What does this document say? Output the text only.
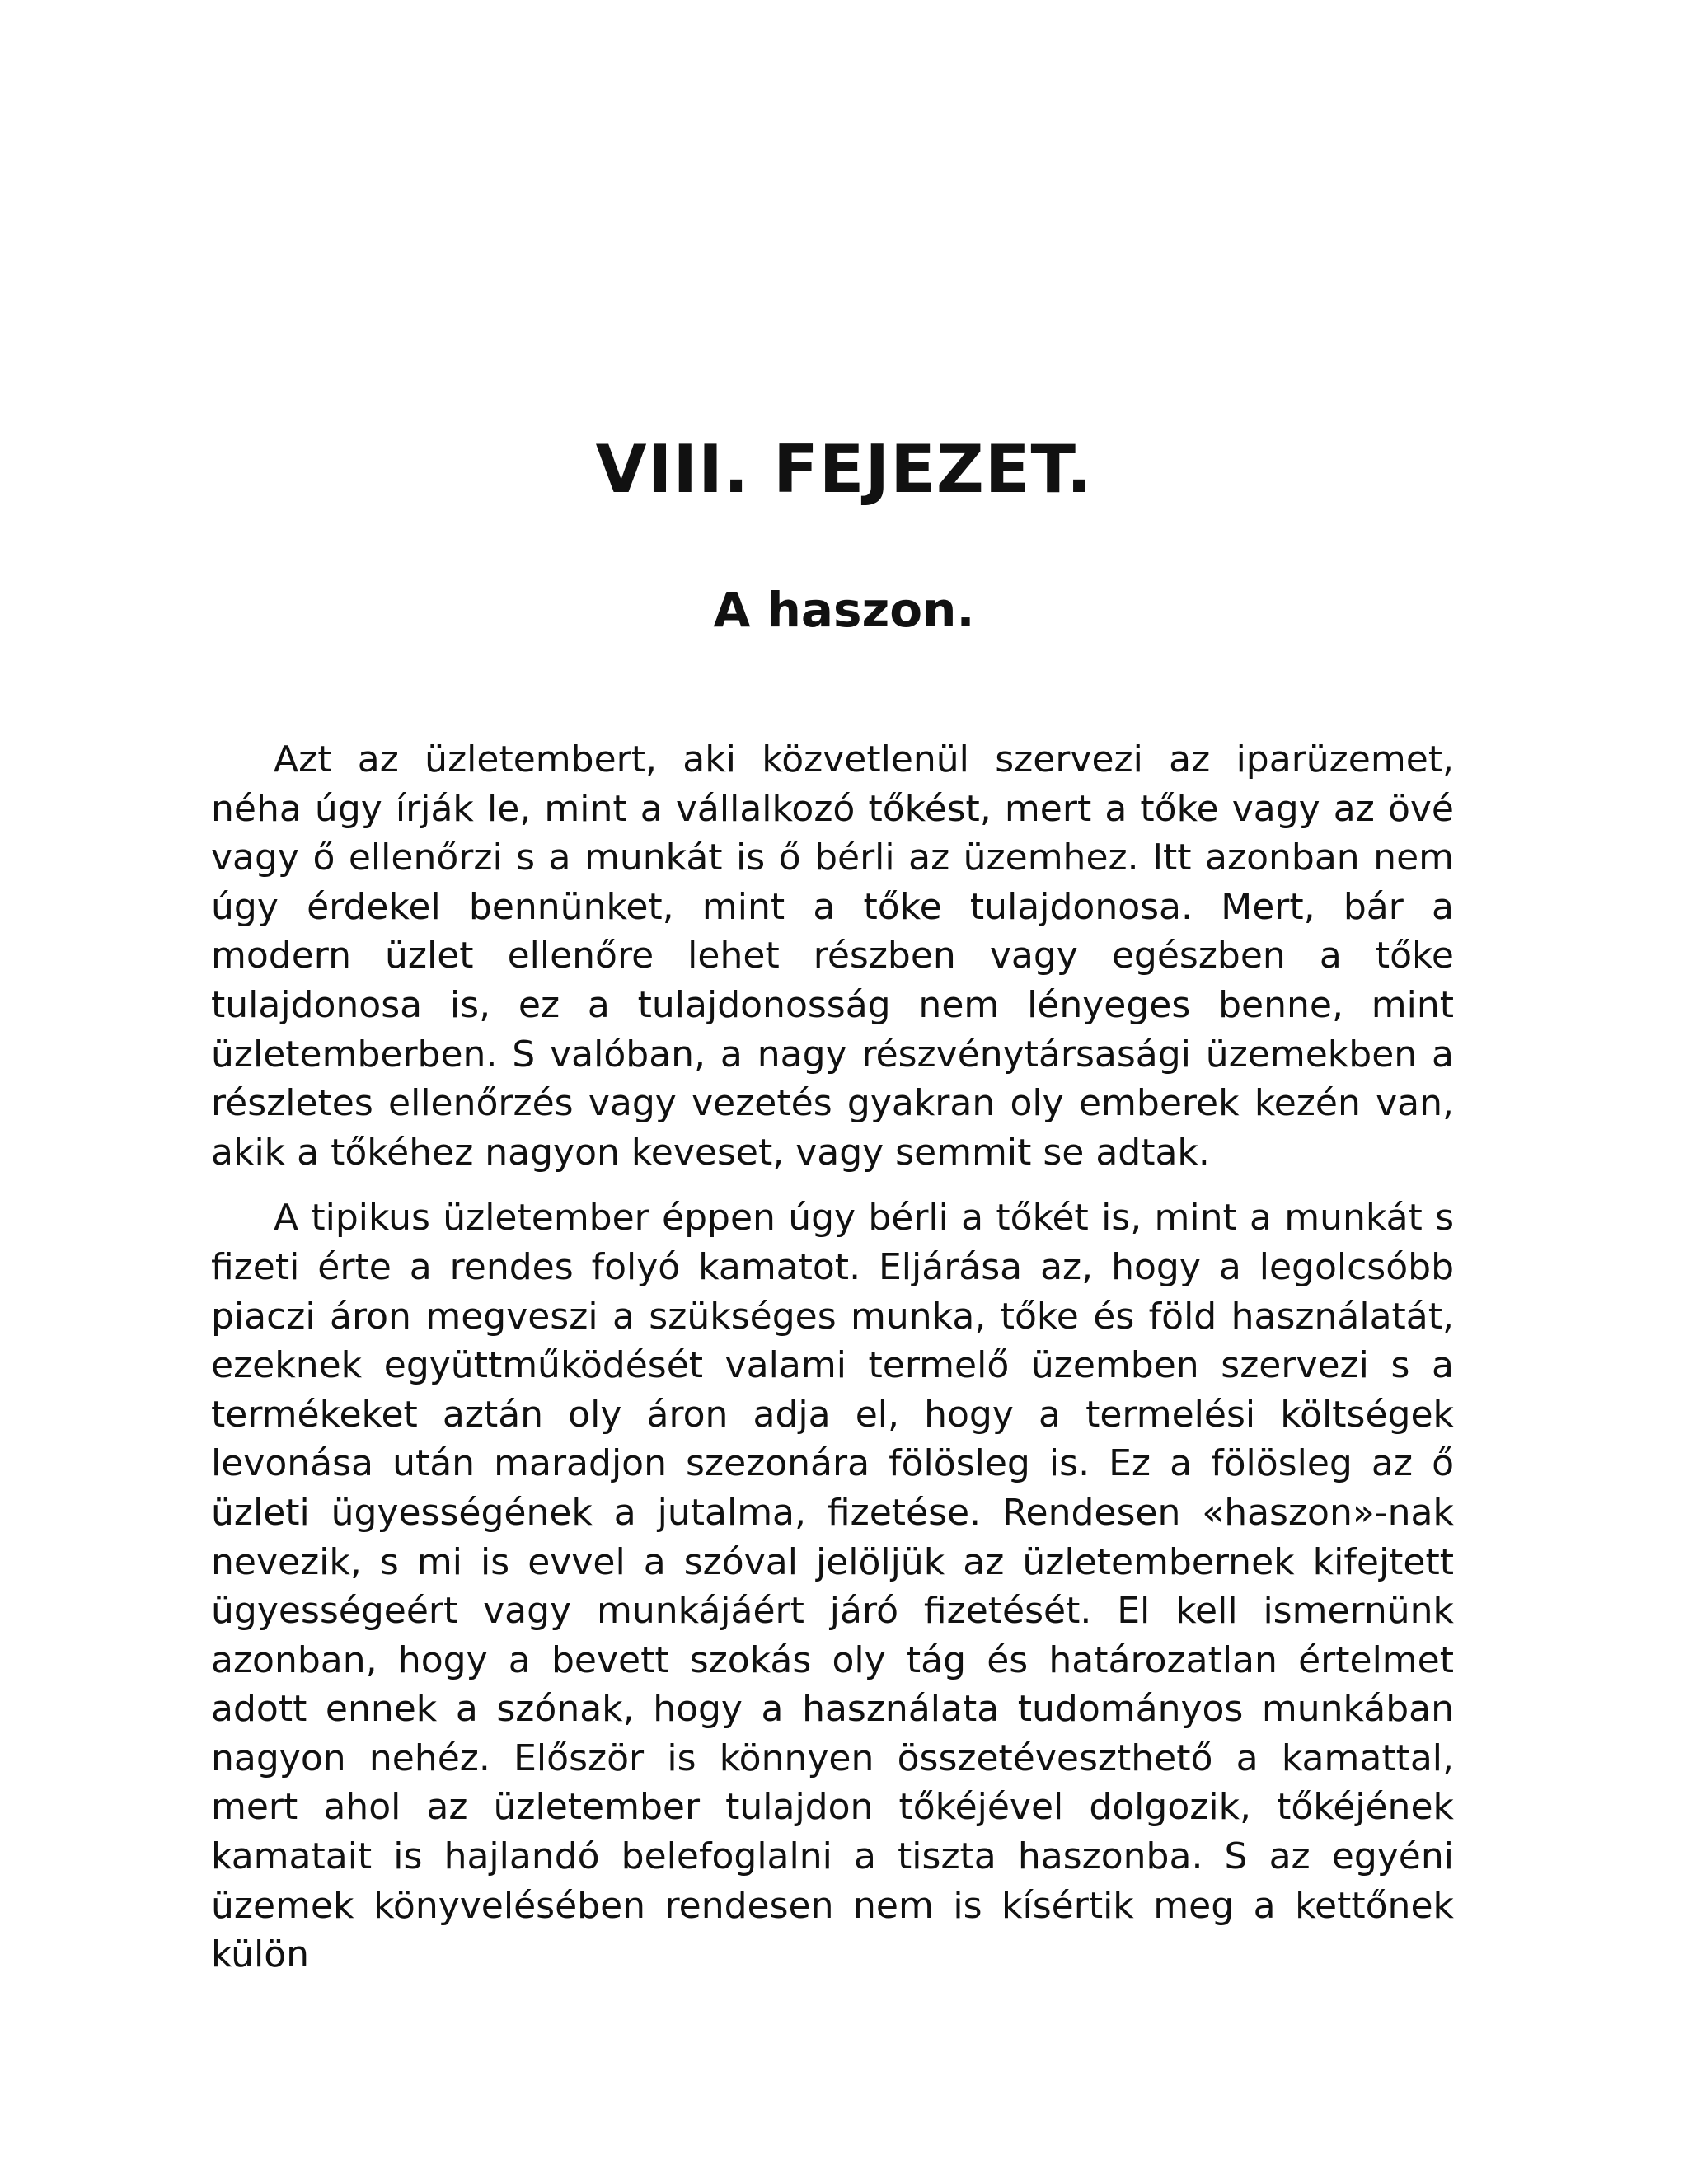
VIII. FEJEZET.
A haszon.

Azt az üzletembert, aki közvetlenül szervezi az iparüzemet, néha úgy írják le, mint a vállalkozó tőkést, mert a tőke vagy az övé vagy ő ellenőrzi s a munkát is ő bérli az üzemhez. Itt azonban nem úgy érdekel bennünket, mint a tőke tulajdonosa. Mert, bár a modern üzlet ellenőre lehet részben vagy egészben a tőke tulajdonosa is, ez a tulajdonosság nem lényeges benne, mint üzletemberben. S valóban, a nagy részvénytársasági üzemekben a részletes ellenőrzés vagy vezetés gyakran oly emberek kezén van, akik a tőkéhez nagyon keveset, vagy semmit se adtak.

A tipikus üzletember éppen úgy bérli a tőkét is, mint a munkát s fizeti érte a rendes folyó kamatot. Eljárása az, hogy a legolcsóbb piaczi áron megveszi a szükséges munka, tőke és föld használatát, ezeknek együttműködését valami termelő üzemben szervezi s a termékeket aztán oly áron adja el, hogy a termelési költségek levonása után maradjon szezonára fölösleg is. Ez a fölösleg az ő üzleti ügyességének a jutalma, fizetése. Rendesen «haszon»-nak nevezik, s mi is evvel a szóval jelöljük az üzletembernek kifejtett ügyességeért vagy munkájáért járó fizetését. El kell ismernünk azonban, hogy a bevett szokás oly tág és határozatlan értelmet adott ennek a szónak, hogy a használata tudományos munkában nagyon nehéz. Először is könnyen összetéveszthető a kamattal, mert ahol az üzletember tulajdon tőkéjével dolgozik, tőkéjének kamatait is hajlandó belefoglalni a tiszta haszonba. S az egyéni üzemek könyvelésében rendesen nem is kísértik meg a kettőnek külön
